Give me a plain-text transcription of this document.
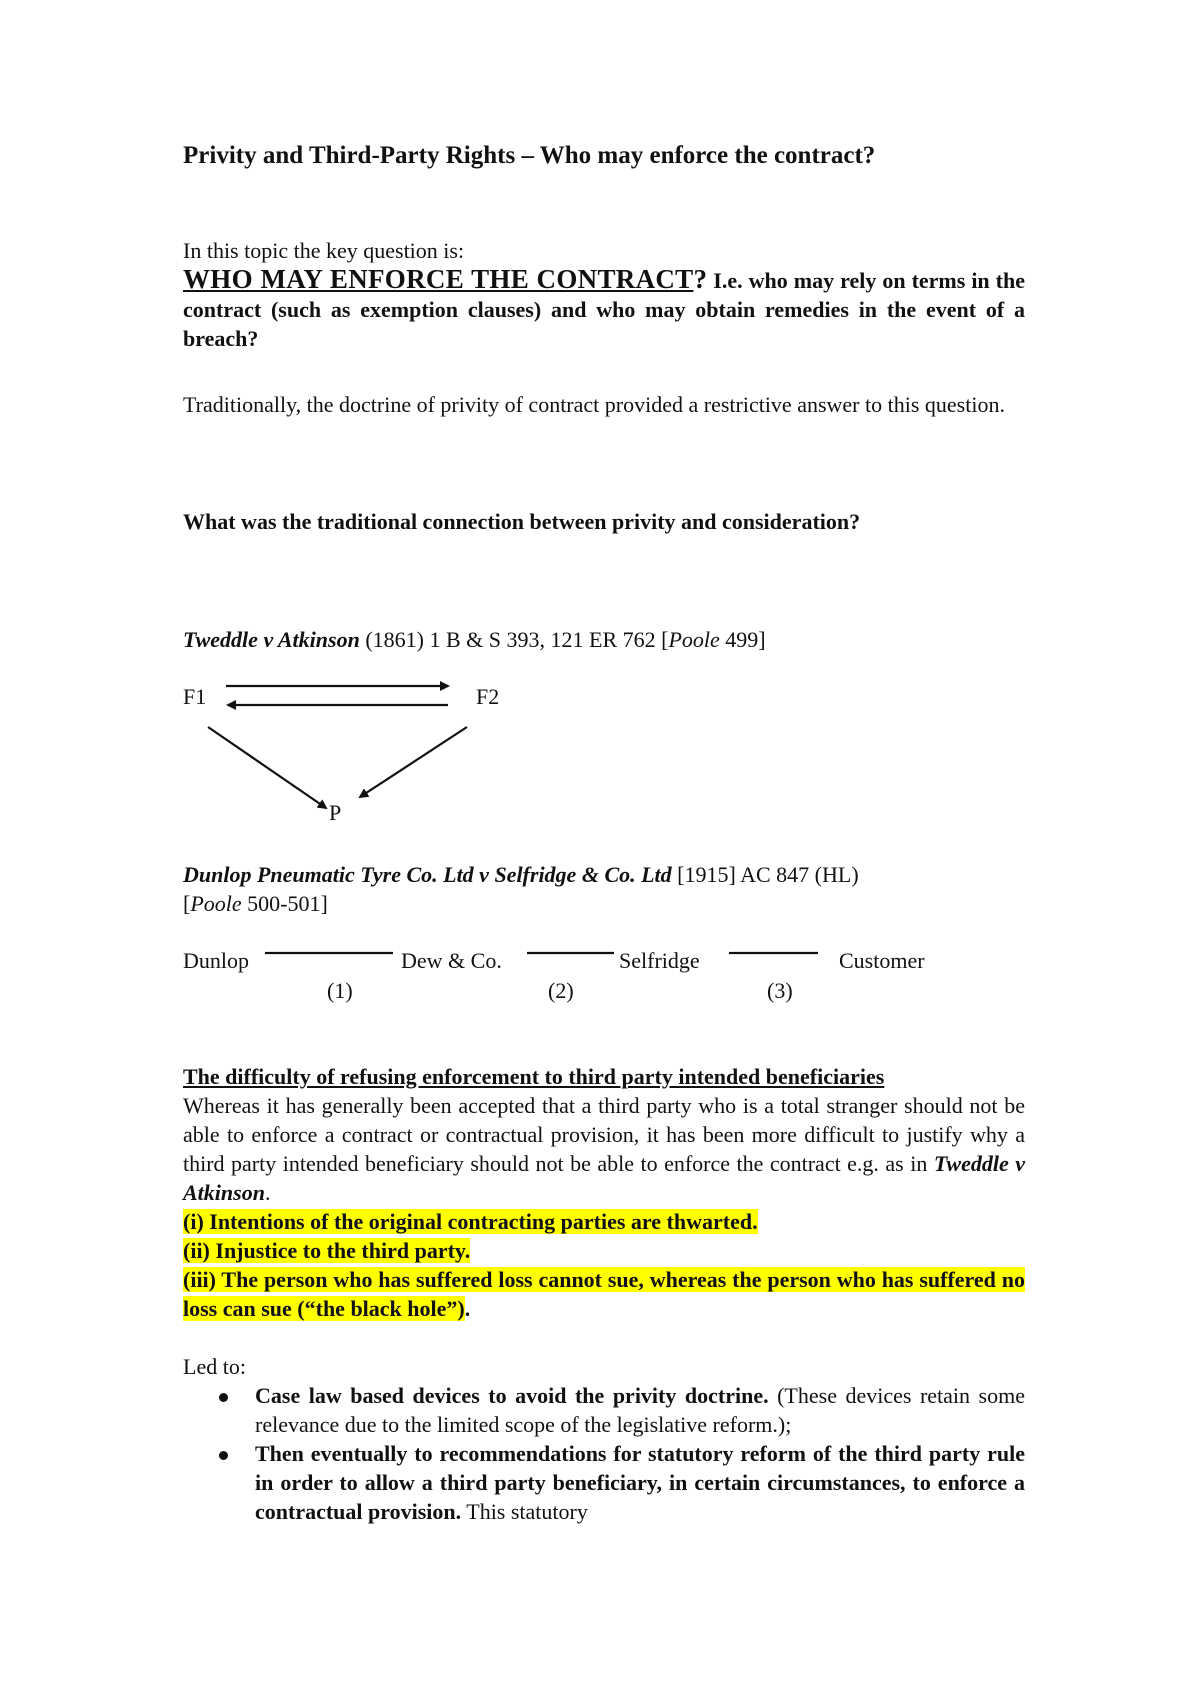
Privity and Third-Party Rights – Who may enforce the contract?

In this topic the key question is:

WHO MAY ENFORCE THE CONTRACT? I.e. who may rely on terms in the contract (such as exemption clauses) and who may obtain remedies in the event of a breach?

Traditionally, the doctrine of privity of contract provided a restrictive answer to this question.

What was the traditional connection between privity and consideration?

Tweddle v Atkinson (1861) 1 B & S 393, 121 ER 762 [Poole 499]

F1	F2
P

Dunlop Pneumatic Tyre Co. Ltd v Selfridge & Co. Ltd [1915] AC 847 (HL)

[Poole 500-501]

Dunlop	Dew & Co.	Selfridge	Customer
(1)	(2)	(3)

The difficulty of refusing enforcement to third party intended beneficiaries

Whereas it has generally been accepted that a third party who is a total stranger should not be able to enforce a contract or contractual provision, it has been more difficult to justify why a third party intended beneficiary should not be able to enforce the contract e.g. as in Tweddle v Atkinson.

(i) Intentions of the original contracting parties are thwarted.

(ii) Injustice to the third party.

(iii) The person who has suffered loss cannot sue, whereas the person who has suffered no loss can sue (“the black hole”).

Led to:

Case law based devices to avoid the privity doctrine. (These devices retain some relevance due to the limited scope of the legislative reform.);
Then eventually to recommendations for statutory reform of the third party rule in order to allow a third party beneficiary, in certain circumstances, to enforce a contractual provision. This statutory
